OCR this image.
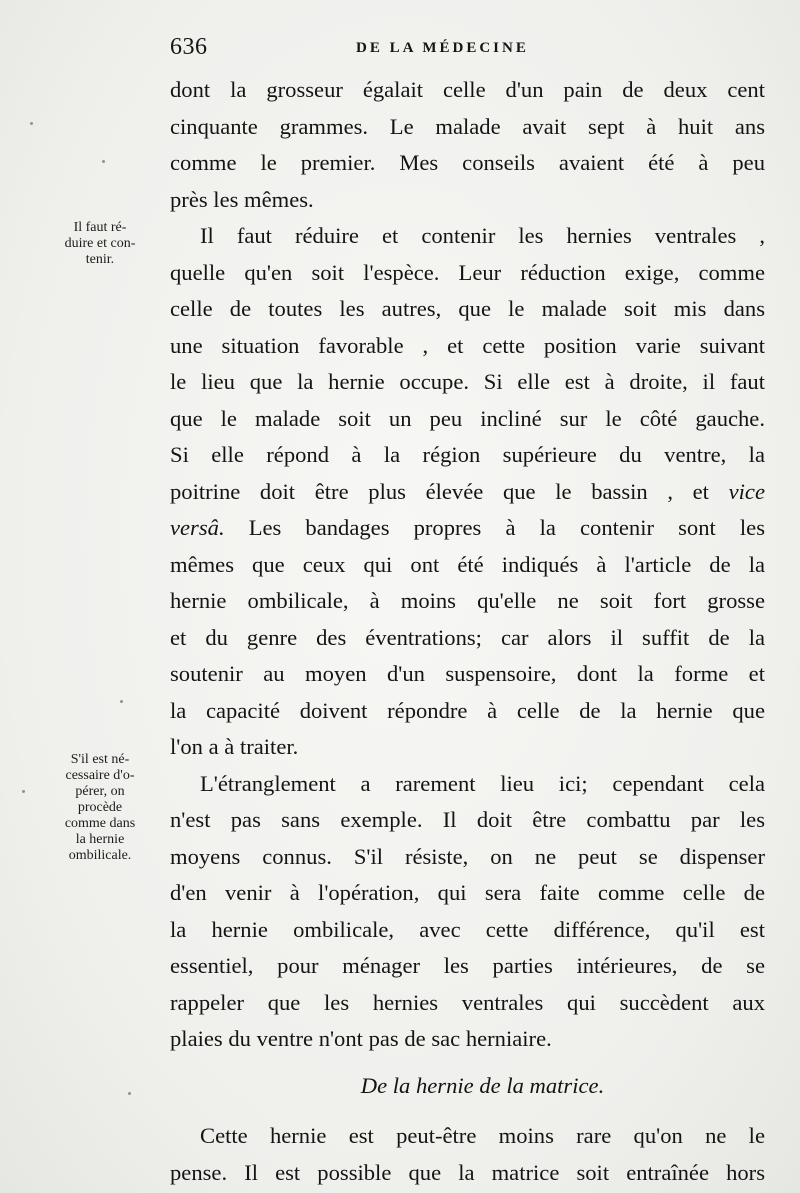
636	DE LA MÉDECINE
Il faut ré-
duire et con-
tenir.
S'il est né-
cessaire d'o-
pérer, on
procède
comme dans
la hernie
ombilicale.
dont la grosseur égalait celle d'un pain de deux cent
cinquante grammes. Le malade avait sept à huit ans
comme le premier. Mes conseils avaient été à peu
près les mêmes.
Il faut réduire et contenir les hernies ventrales ,
quelle qu'en soit l'espèce. Leur réduction exige, comme
celle de toutes les autres, que le malade soit mis dans
une situation favorable , et cette position varie suivant
le lieu que la hernie occupe. Si elle est à droite, il faut
que le malade soit un peu incliné sur le côté gauche.
Si elle répond à la région supérieure du ventre, la
poitrine doit être plus élevée que le bassin , et vice
versâ. Les bandages propres à la contenir sont les
mêmes que ceux qui ont été indiqués à l'article de la
hernie ombilicale, à moins qu'elle ne soit fort grosse
et du genre des éventrations; car alors il suffit de la
soutenir au moyen d'un suspensoire, dont la forme et
la capacité doivent répondre à celle de la hernie que
l'on a à traiter.
L'étranglement a rarement lieu ici; cependant cela
n'est pas sans exemple. Il doit être combattu par les
moyens connus. S'il résiste, on ne peut se dispenser
d'en venir à l'opération, qui sera faite comme celle de
la hernie ombilicale, avec cette différence, qu'il est
essentiel, pour ménager les parties intérieures, de se
rappeler que les hernies ventrales qui succèdent aux
plaies du ventre n'ont pas de sac herniaire.
De la hernie de la matrice.
Cette hernie est peut-être moins rare qu'on ne le
pense. Il est possible que la matrice soit entraînée hors
